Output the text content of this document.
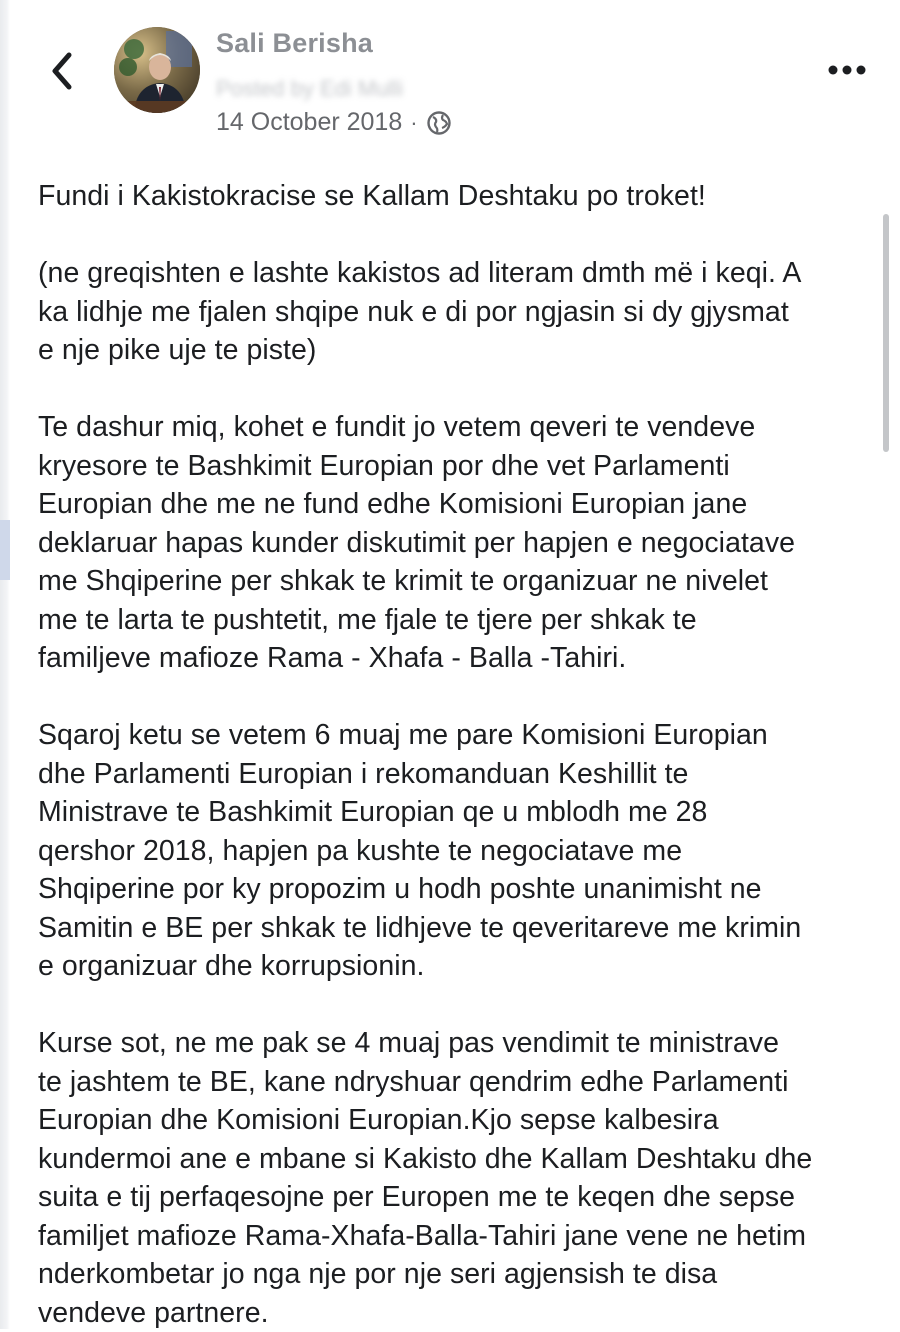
Sali Berisha
Posted by Edi Mulli
14 October 2018 ·

Fundi i Kakistokracise se Kallam Deshtaku po troket!

(ne greqishten e lashte kakistos ad literam dmth më i keqi. A

ka lidhje me fjalen shqipe nuk e di por ngjasin si dy gjysmat

e nje pike uje te piste)

Te dashur miq, kohet e fundit jo vetem qeveri te vendeve

kryesore te Bashkimit Europian por dhe vet Parlamenti

Europian dhe me ne fund edhe Komisioni Europian jane

deklaruar hapas kunder diskutimit per hapjen e negociatave

me Shqiperine per shkak te krimit te organizuar ne nivelet

me te larta te pushtetit, me fjale te tjere per shkak te

familjeve mafioze Rama - Xhafa - Balla -Tahiri.

Sqaroj ketu se vetem 6 muaj me pare Komisioni Europian

dhe Parlamenti Europian i rekomanduan Keshillit te

Ministrave te Bashkimit Europian qe u mblodh me 28

qershor 2018, hapjen pa kushte te negociatave me

Shqiperine por ky propozim u hodh poshte unanimisht ne

Samitin e BE per shkak te lidhjeve te qeveritareve me krimin

e organizuar dhe korrupsionin.

Kurse sot, ne me pak se 4 muaj pas vendimit te ministrave

te jashtem te BE, kane ndryshuar qendrim edhe Parlamenti

Europian dhe Komisioni Europian.Kjo sepse kalbesira

kundermoi ane e mbane si Kakisto dhe Kallam Deshtaku dhe

suita e tij perfaqesojne per Europen me te keqen dhe sepse

familjet mafioze Rama-Xhafa-Balla-Tahiri jane vene ne hetim

nderkombetar jo nga nje por nje seri agjensish te disa

vendeve partnere.
